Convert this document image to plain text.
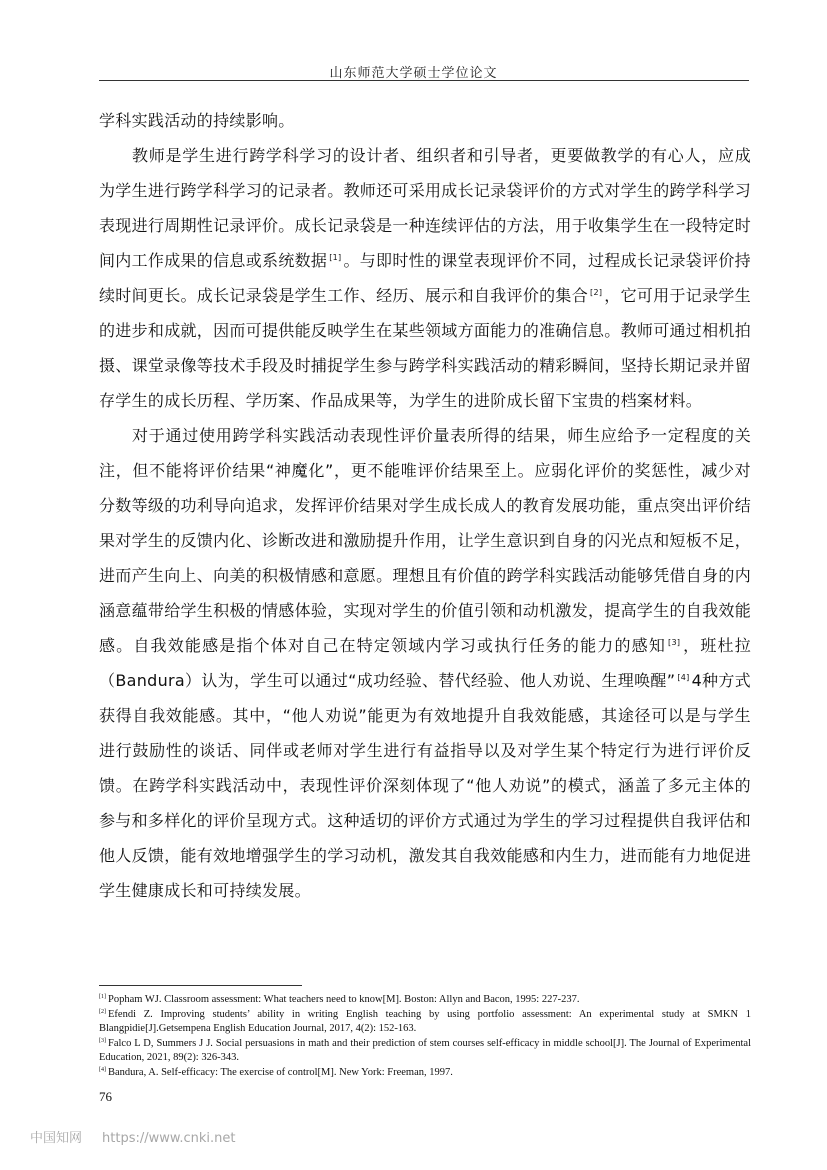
山东师范大学硕士学位论文

学科实践活动的持续影响。

教师是学生进行跨学科学习的设计者、组织者和引导者，更要做教学的有心人，应成为学生进行跨学科学习的记录者。教师还可采用成长记录袋评价的方式对学生的跨学科学习表现进行周期性记录评价。成长记录袋是一种连续评估的方法，用于收集学生在一段特定时间内工作成果的信息或系统数据 [1] 。与即时性的课堂表现评价不同，过程成长记录袋评价持续时间更长。成长记录袋是学生工作、经历、展示和自我评价的集合 [2] ，它可用于记录学生的进步和成就，因而可提供能反映学生在某些领域方面能力的准确信息。教师可通过相机拍摄、课堂录像等技术手段及时捕捉学生参与跨学科实践活动的精彩瞬间，坚持长期记录并留存学生的成长历程、学历案、作品成果等，为学生的进阶成长留下宝贵的档案材料。

对于通过使用跨学科实践活动表现性评价量表所得的结果，师生应给予一定程度的关注，但不能将评价结果“神魔化”，更不能唯评价结果至上。应弱化评价的奖惩性，减少对分数等级的功利导向追求，发挥评价结果对学生成长成人的教育发展功能，重点突出评价结果对学生的反馈内化、诊断改进和激励提升作用，让学生意识到自身的闪光点和短板不足，进而产生向上、向美的积极情感和意愿。理想且有价值的跨学科实践活动能够凭借自身的内涵意蕴带给学生积极的情感体验，实现对学生的价值引领和动机激发，提高学生的自我效能感。自我效能感是指个体对自己在特定领域内学习或执行任务的能力的感知 [3] ，班杜拉（Bandura）认为，学生可以通过“成功经验、替代经验、他人劝说、生理唤醒” [4] 4种方式获得自我效能感。其中，“他人劝说”能更为有效地提升自我效能感，其途径可以是与学生进行鼓励性的谈话、同伴或老师对学生进行有益指导以及对学生某个特定行为进行评价反馈。在跨学科实践活动中，表现性评价深刻体现了“他人劝说”的模式，涵盖了多元主体的参与和多样化的评价呈现方式。这种适切的评价方式通过为学生的学习过程提供自我评估和他人反馈，能有效地增强学生的学习动机，激发其自我效能感和内生力，进而能有力地促进学生健康成长和可持续发展。

[1] Popham WJ. Classroom assessment: What teachers need to know[M]. Boston: Allyn and Bacon, 1995: 227-237.

[2] Efendi Z. Improving students’ ability in writing English teaching by using portfolio assessment: An experimental study at SMKN 1 Blangpidie[J].Getsempena English Education Journal, 2017, 4(2): 152-163.

[3] Falco L D, Summers J J. Social persuasions in math and their prediction of stem courses self-efficacy in middle school[J]. The Journal of Experimental Education, 2021, 89(2): 326-343.

[4] Bandura, A. Self-efficacy: The exercise of control[M]. New York: Freeman, 1997.

76
中国知网 https://www.cnki.net
